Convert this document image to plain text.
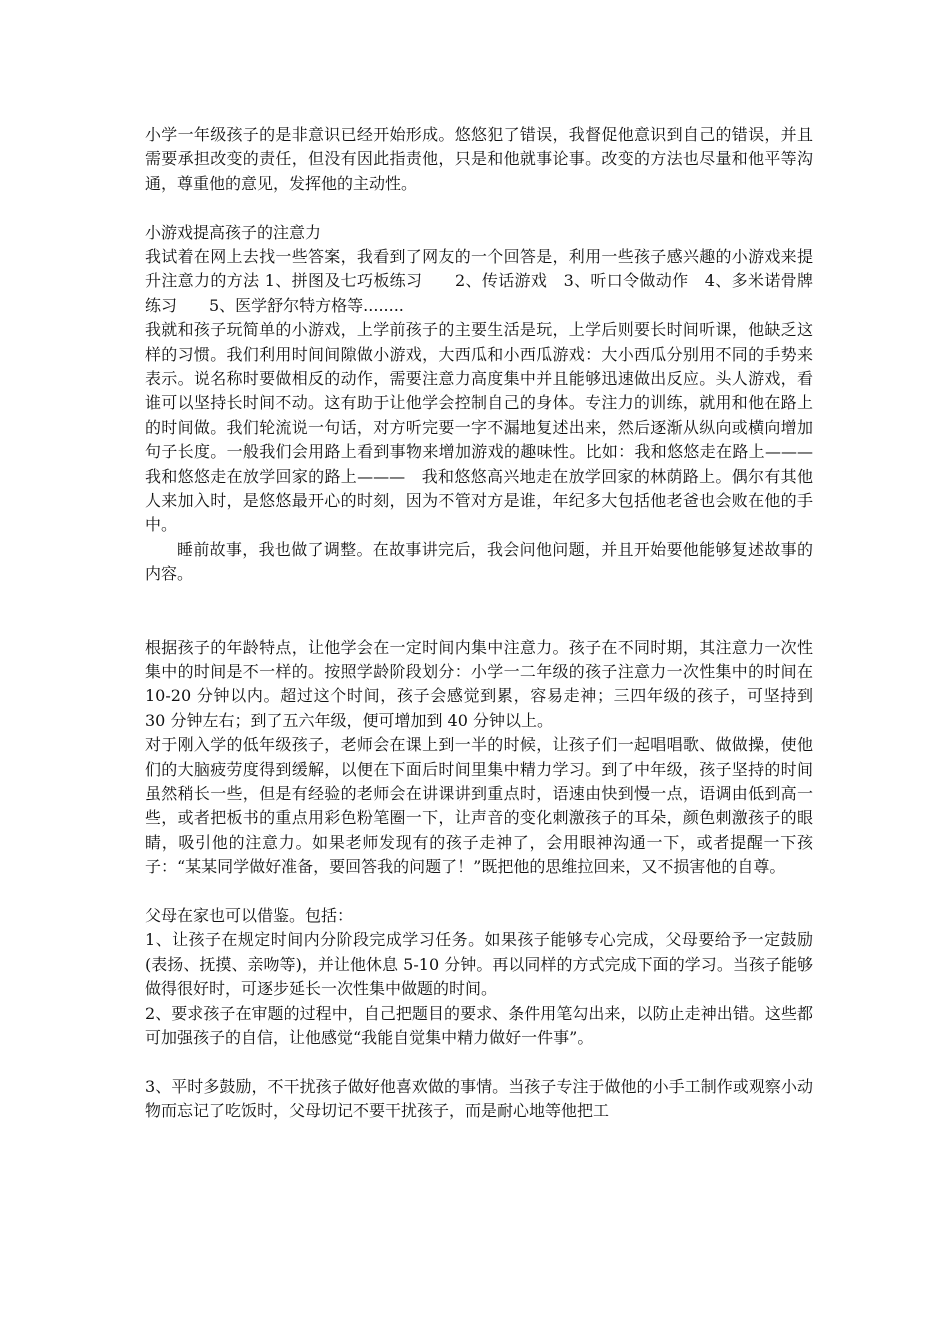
小学一年级孩子的是非意识已经开始形成。悠悠犯了错误，我督促他意识到自己的错误，并且需要承担改变的责任，但没有因此指责他，只是和他就事论事。改变的方法也尽量和他平等沟通，尊重他的意见，发挥他的主动性。

小游戏提高孩子的注意力

我试着在网上去找一些答案，我看到了网友的一个回答是，利用一些孩子感兴趣的小游戏来提升注意力的方法 1、拼图及七巧板练习　　2、传话游戏　3、听口令做动作　4、多米诺骨牌练习　　5、医学舒尔特方格等........

我就和孩子玩简单的小游戏，上学前孩子的主要生活是玩，上学后则要长时间听课，他缺乏这样的习惯。我们利用时间间隙做小游戏，大西瓜和小西瓜游戏：大小西瓜分别用不同的手势来表示。说名称时要做相反的动作，需要注意力高度集中并且能够迅速做出反应。头人游戏，看谁可以坚持长时间不动。这有助于让他学会控制自己的身体。专注力的训练，就用和他在路上的时间做。我们轮流说一句话，对方听完要一字不漏地复述出来，然后逐渐从纵向或横向增加句子长度。一般我们会用路上看到事物来增加游戏的趣味性。比如：我和悠悠走在路上———我和悠悠走在放学回家的路上———　我和悠悠高兴地走在放学回家的林荫路上。偶尔有其他人来加入时，是悠悠最开心的时刻，因为不管对方是谁，年纪多大包括他老爸也会败在他的手中。

睡前故事，我也做了调整。在故事讲完后，我会问他问题，并且开始要他能够复述故事的内容。

根据孩子的年龄特点，让他学会在一定时间内集中注意力。孩子在不同时期，其注意力一次性集中的时间是不一样的。按照学龄阶段划分：小学一二年级的孩子注意力一次性集中的时间在 10-20 分钟以内。超过这个时间，孩子会感觉到累，容易走神；三四年级的孩子，可坚持到 30 分钟左右；到了五六年级，便可增加到 40 分钟以上。

对于刚入学的低年级孩子，老师会在课上到一半的时候，让孩子们一起唱唱歌、做做操，使他们的大脑疲劳度得到缓解，以便在下面后时间里集中精力学习。到了中年级，孩子坚持的时间虽然稍长一些，但是有经验的老师会在讲课讲到重点时，语速由快到慢一点，语调由低到高一些，或者把板书的重点用彩色粉笔圈一下，让声音的变化刺激孩子的耳朵，颜色刺激孩子的眼睛，吸引他的注意力。如果老师发现有的孩子走神了，会用眼神沟通一下，或者提醒一下孩子：“某某同学做好准备，要回答我的问题了！”既把他的思维拉回来，又不损害他的自尊。

父母在家也可以借鉴。包括：

1、让孩子在规定时间内分阶段完成学习任务。如果孩子能够专心完成，父母要给予一定鼓励(表扬、抚摸、亲吻等)，并让他休息 5-10 分钟。再以同样的方式完成下面的学习。当孩子能够做得很好时，可逐步延长一次性集中做题的时间。

2、要求孩子在审题的过程中，自己把题目的要求、条件用笔勾出来，以防止走神出错。这些都可加强孩子的自信，让他感觉“我能自觉集中精力做好一件事”。

3、平时多鼓励，不干扰孩子做好他喜欢做的事情。当孩子专注于做他的小手工制作或观察小动物而忘记了吃饭时，父母切记不要干扰孩子，而是耐心地等他把工
